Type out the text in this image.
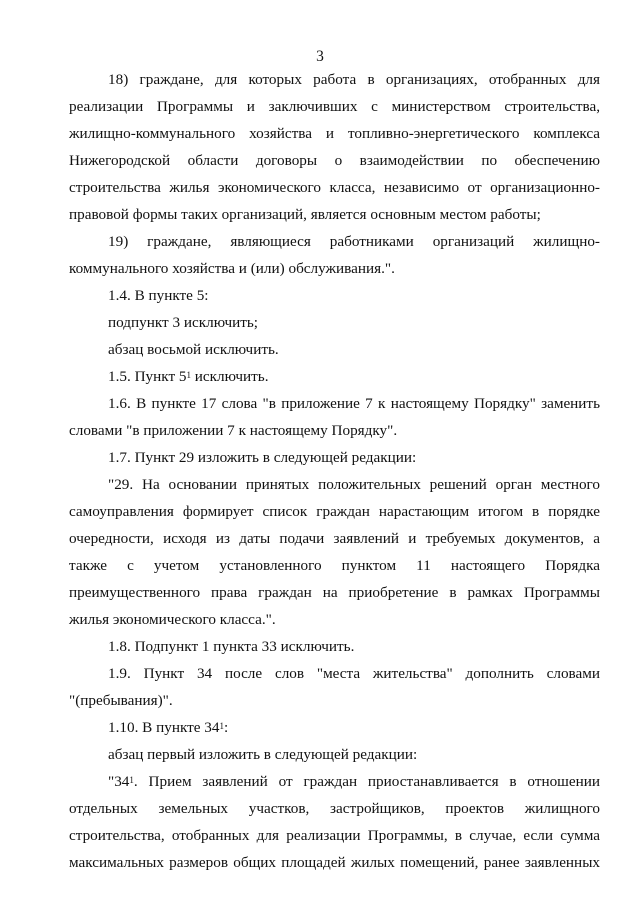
3
18) граждане, для которых работа в организациях, отобранных для
реализации Программы и заключивших с министерством строительства,
жилищно-коммунального хозяйства и топливно-энергетического комплекса
Нижегородской области договоры о взаимодействии по обеспечению
строительства жилья экономического класса, независимо от организационно-
правовой формы таких организаций, является основным местом работы;
19) граждане, являющиеся работниками организаций жилищно-
коммунального хозяйства и (или) обслуживания.".
1.4. В пункте 5:
подпункт 3 исключить;
абзац восьмой исключить.
1.5. Пункт $5^1$ исключить.
1.6. В пункте 17 слова "в приложение 7 к настоящему Порядку" заменить
словами "в приложении 7 к настоящему Порядку".
1.7. Пункт 29 изложить в следующей редакции:
"29. На основании принятых положительных решений орган местного
самоуправления формирует список граждан нарастающим итогом в порядке
очередности, исходя из даты подачи заявлений и требуемых документов, а
также с учетом установленного пунктом 11 настоящего Порядка
преимущественного права граждан на приобретение в рамках Программы
жилья экономического класса.".
1.8. Подпункт 1 пункта 33 исключить.
1.9. Пункт 34 после слов "места жительства" дополнить словами
"(пребывания)".
1.10. В пункте $34^1$:
абзац первый изложить в следующей редакции:
"$34^1$. Прием заявлений от граждан приостанавливается в отношении
отдельных земельных участков, застройщиков, проектов жилищного
строительства, отобранных для реализации Программы, в случае, если сумма
максимальных размеров общих площадей жилых помещений, ранее заявленных
